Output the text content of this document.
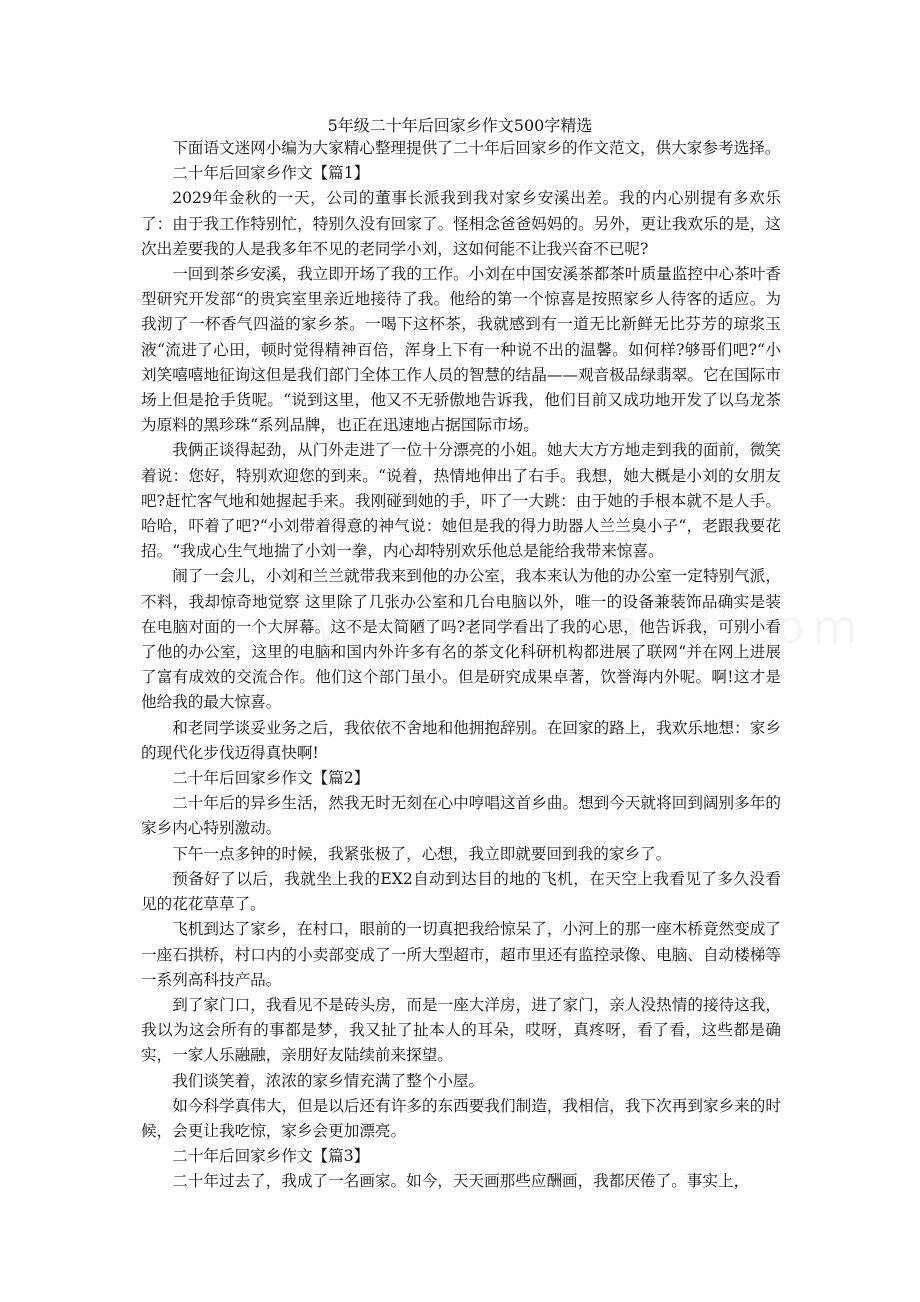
5年级二十年后回家乡作文500字精选

下面语文迷网小编为大家精心整理提供了二十年后回家乡的作文范文，供大家参考选择。

二十年后回家乡作文【篇1】

2029年金秋的一天，公司的董事长派我到我对家乡安溪出差。我的内心别提有多欢乐了：由于我工作特别忙，特别久没有回家了。怪相念爸爸妈妈的。另外，更让我欢乐的是，这次出差要我的人是我多年不见的老同学小刘，这如何能不让我兴奋不已呢?

一回到茶乡安溪，我立即开场了我的工作。小刘在中国安溪茶都茶叶质量监控中心茶叶香型研究开发部“的贵宾室里亲近地接待了我。他给的第一个惊喜是按照家乡人待客的适应。为我沏了一杯香气四溢的家乡茶。一喝下这杯茶，我就感到有一道无比新鲜无比芬芳的琼浆玉液“流进了心田，顿时觉得精神百倍，浑身上下有一种说不出的温馨。如何样?够哥们吧?“小刘笑嘻嘻地征询这但是我们部门全体工作人员的智慧的结晶——观音极品绿翡翠。它在国际市场上但是抢手货呢。“说到这里，他又不无骄傲地告诉我，他们目前又成功地开发了以乌龙茶为原料的黑珍珠“系列品牌，也正在迅速地占据国际市场。

我俩正谈得起劲，从门外走进了一位十分漂亮的小姐。她大大方方地走到我的面前，微笑着说：您好，特别欢迎您的到来。“说着，热情地伸出了右手。我想，她大概是小刘的女朋友吧?赶忙客气地和她握起手来。我刚碰到她的手，吓了一大跳：由于她的手根本就不是人手。哈哈，吓着了吧?“小刘带着得意的神气说：她但是我的得力助器人兰兰臭小子“，老跟我要花招。“我成心生气地揣了小刘一拳，内心却特别欢乐他总是能给我带来惊喜。

闹了一会儿，小刘和兰兰就带我来到他的办公室，我本来认为他的办公室一定特别气派，不料，我却惊奇地觉察 这里除了几张办公室和几台电脑以外，唯一的设备兼装饰品确实是装在电脑对面的一个大屏幕。这不是太简陋了吗?老同学看出了我的心思，他告诉我，可别小看了他的办公室，这里的电脑和国内外许多有名的茶文化科研机构都进展了联网“并在网上进展了富有成效的交流合作。他们这个部门虽小。但是研究成果卓著，饮誉海内外呢。啊!这才是他给我的最大惊喜。

和老同学谈妥业务之后，我依依不舍地和他拥抱辞别。在回家的路上，我欢乐地想：家乡的现代化步伐迈得真快啊!

二十年后回家乡作文【篇2】

二十年后的异乡生活，然我无时无刻在心中哼唱这首乡曲。想到今天就将回到阔别多年的家乡内心特别激动。

下午一点多钟的时候，我紧张极了，心想，我立即就要回到我的家乡了。

预备好了以后，我就坐上我的EX2自动到达目的地的飞机，在天空上我看见了多久没看见的花花草草了。

飞机到达了家乡，在村口，眼前的一切真把我给惊呆了，小河上的那一座木桥竟然变成了一座石拱桥，村口内的小卖部变成了一所大型超市，超市里还有监控录像、电脑、自动楼梯等一系列高科技产品。

到了家门口，我看见不是砖头房，而是一座大洋房，进了家门，亲人没热情的接待这我，我以为这会所有的事都是梦，我又扯了扯本人的耳朵，哎呀，真疼呀，看了看，这些都是确实，一家人乐融融，亲朋好友陆续前来探望。

我们谈笑着，浓浓的家乡情充满了整个小屋。

如今科学真伟大，但是以后还有许多的东西要我们制造，我相信，我下次再到家乡来的时候，会更让我吃惊，家乡会更加漂亮。

二十年后回家乡作文【篇3】

二十年过去了，我成了一名画家。如今，天天画那些应酬画，我都厌倦了。事实上，
